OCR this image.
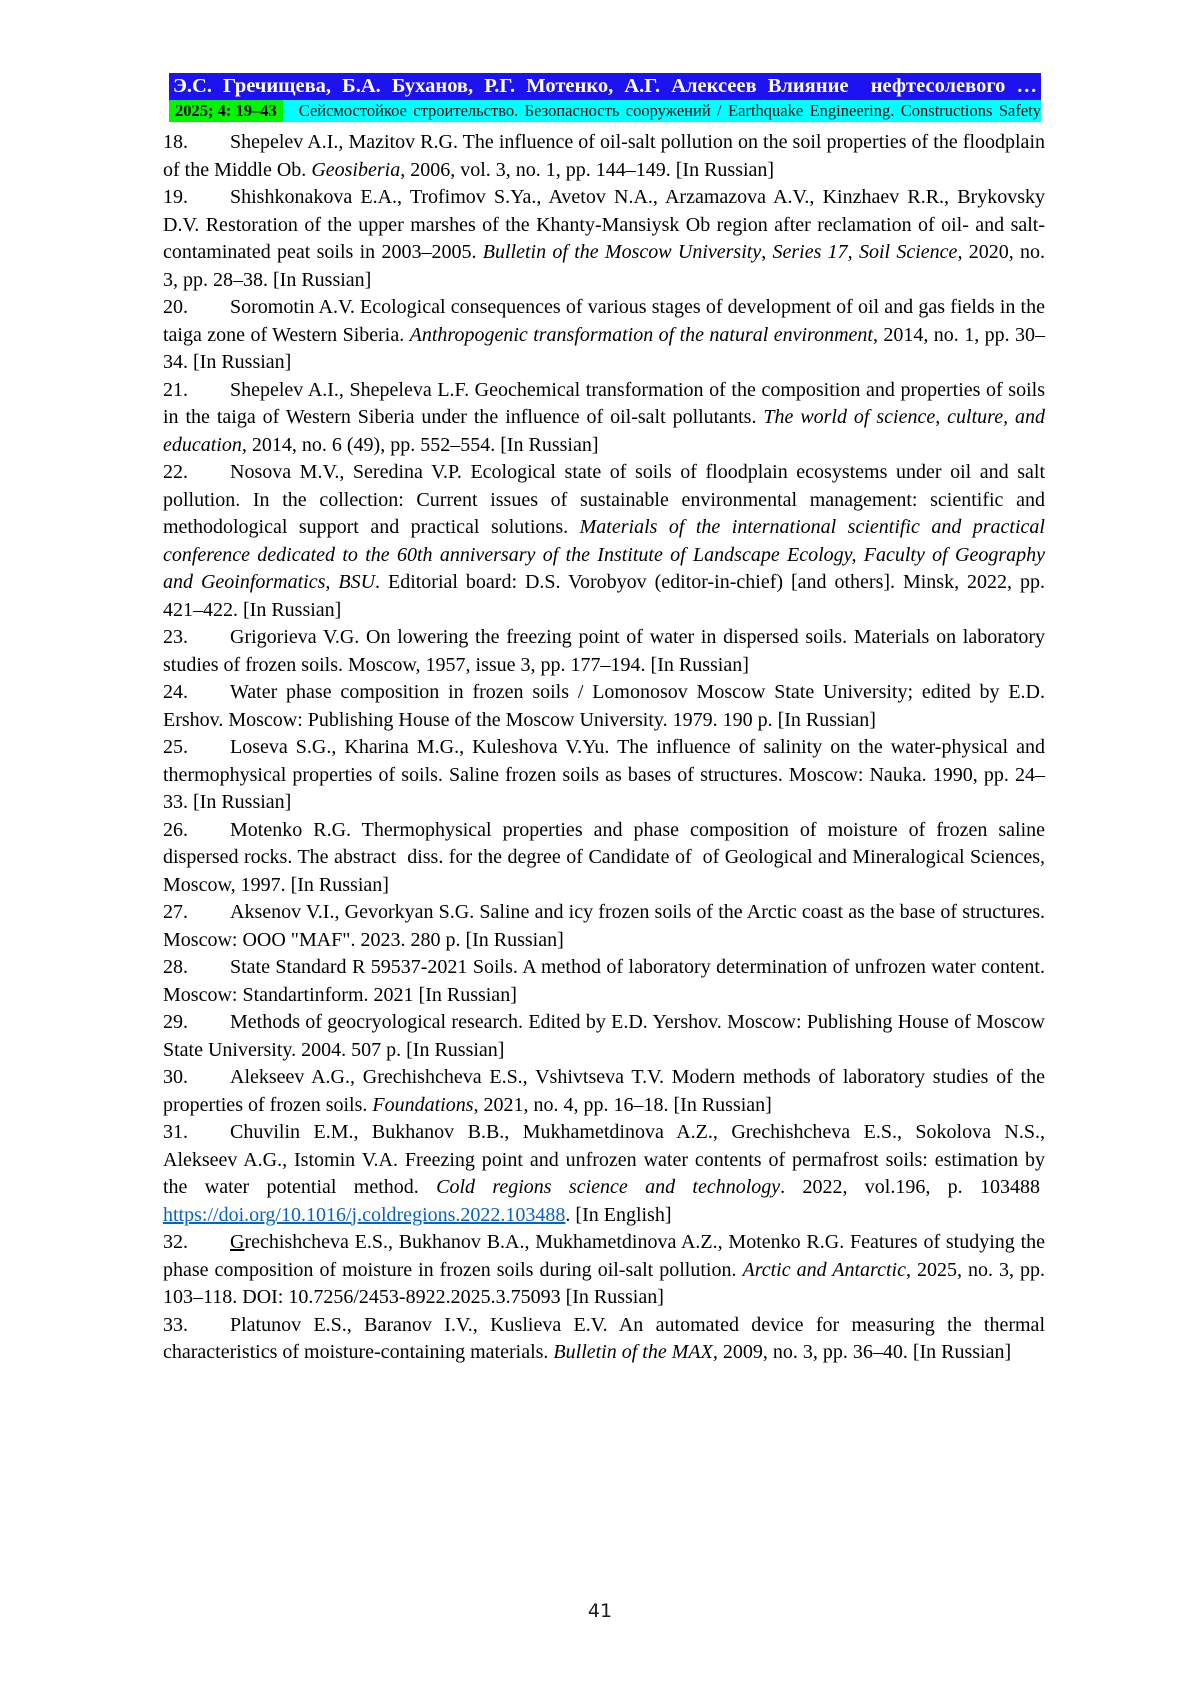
Э.С. Гречищева, Б.А. Буханов, Р.Г. Мотенко, А.Г. Алексеев Влияние  нефтесолевого …
2025; 4: 19–43	Сейсмостойкое строительство. Безопасность сооружений / Earthquake Engineering. Constructions Safety

18. Shepelev A.I., Mazitov R.G. The influence of oil-salt pollution on the soil properties of the floodplain of the Middle Ob. Geosiberia, 2006, vol. 3, no. 1, pp. 144–149. [In Russian]

19. Shishkonakova E.A., Trofimov S.Ya., Avetov N.A., Arzamazova A.V., Kinzhaev R.R., Brykovsky D.V. Restoration of the upper marshes of the Khanty-Mansiysk Ob region after reclamation of oil- and salt-contaminated peat soils in 2003–2005. Bulletin of the Moscow University, Series 17, Soil Science, 2020, no. 3, pp. 28–38. [In Russian]

20. Soromotin A.V. Ecological consequences of various stages of development of oil and gas fields in the taiga zone of Western Siberia. Anthropogenic transformation of the natural environment, 2014, no. 1, pp. 30–34. [In Russian]

21. Shepelev A.I., Shepeleva L.F. Geochemical transformation of the composition and properties of soils in the taiga of Western Siberia under the influence of oil-salt pollutants. The world of science, culture, and education, 2014, no. 6 (49), pp. 552–554. [In Russian]

22. Nosova M.V., Seredina V.P. Ecological state of soils of floodplain ecosystems under oil and salt pollution. In the collection: Current issues of sustainable environmental management: scientific and methodological support and practical solutions. Materials of the international scientific and practical conference dedicated to the 60th anniversary of the Institute of Landscape Ecology, Faculty of Geography and Geoinformatics, BSU. Editorial board: D.S. Vorobyov (editor-in-chief) [and others]. Minsk, 2022, pp. 421–422. [In Russian]

23. Grigorieva V.G. On lowering the freezing point of water in dispersed soils. Materials on laboratory studies of frozen soils. Moscow, 1957, issue 3, pp. 177–194. [In Russian]

24. Water phase composition in frozen soils / Lomonosov Moscow State University; edited by E.D. Ershov. Moscow: Publishing House of the Moscow University. 1979. 190 p. [In Russian]

25. Loseva S.G., Kharina M.G., Kuleshova V.Yu. The influence of salinity on the water-physical and thermophysical properties of soils. Saline frozen soils as bases of structures. Moscow: Nauka. 1990, pp. 24–33. [In Russian]

26. Motenko R.G. Thermophysical properties and phase composition of moisture of frozen saline dispersed rocks. The abstract  diss. for the degree of Candidate of  of Geological and Mineralogical Sciences, Moscow, 1997. [In Russian]

27. Aksenov V.I., Gevorkyan S.G. Saline and icy frozen soils of the Arctic coast as the base of structures. Moscow: OOO "MAF". 2023. 280 p. [In Russian]

28. State Standard R 59537-2021 Soils. A method of laboratory determination of unfrozen water content. Moscow: Standartinform. 2021 [In Russian]

29. Methods of geocryological research. Edited by E.D. Yershov. Moscow: Publishing House of Moscow State University. 2004. 507 p. [In Russian]

30. Alekseev A.G., Grechishcheva E.S., Vshivtseva T.V. Modern methods of laboratory studies of the properties of frozen soils. Foundations, 2021, no. 4, pp. 16–18. [In Russian]

31. Chuvilin E.M., Bukhanov B.B., Mukhametdinova A.Z., Grechishcheva E.S., Sokolova N.S., Alekseev A.G., Istomin V.A. Freezing point and unfrozen water contents of permafrost soils: estimation by the water potential method. Cold regions science and technology. 2022, vol.196, p. 103488  https://doi.org/10.1016/j.coldregions.2022.103488. [In English]

32. Grechishcheva E.S., Bukhanov B.A., Mukhametdinova A.Z., Motenko R.G. Features of studying the phase composition of moisture in frozen soils during oil-salt pollution. Arctic and Antarctic, 2025, no. 3, pp. 103–118. DOI: 10.7256/2453-8922.2025.3.75093 [In Russian]

33. Platunov E.S., Baranov I.V., Kuslieva E.V. An automated device for measuring the thermal characteristics of moisture-containing materials. Bulletin of the MAX, 2009, no. 3, pp. 36–40. [In Russian]

41
